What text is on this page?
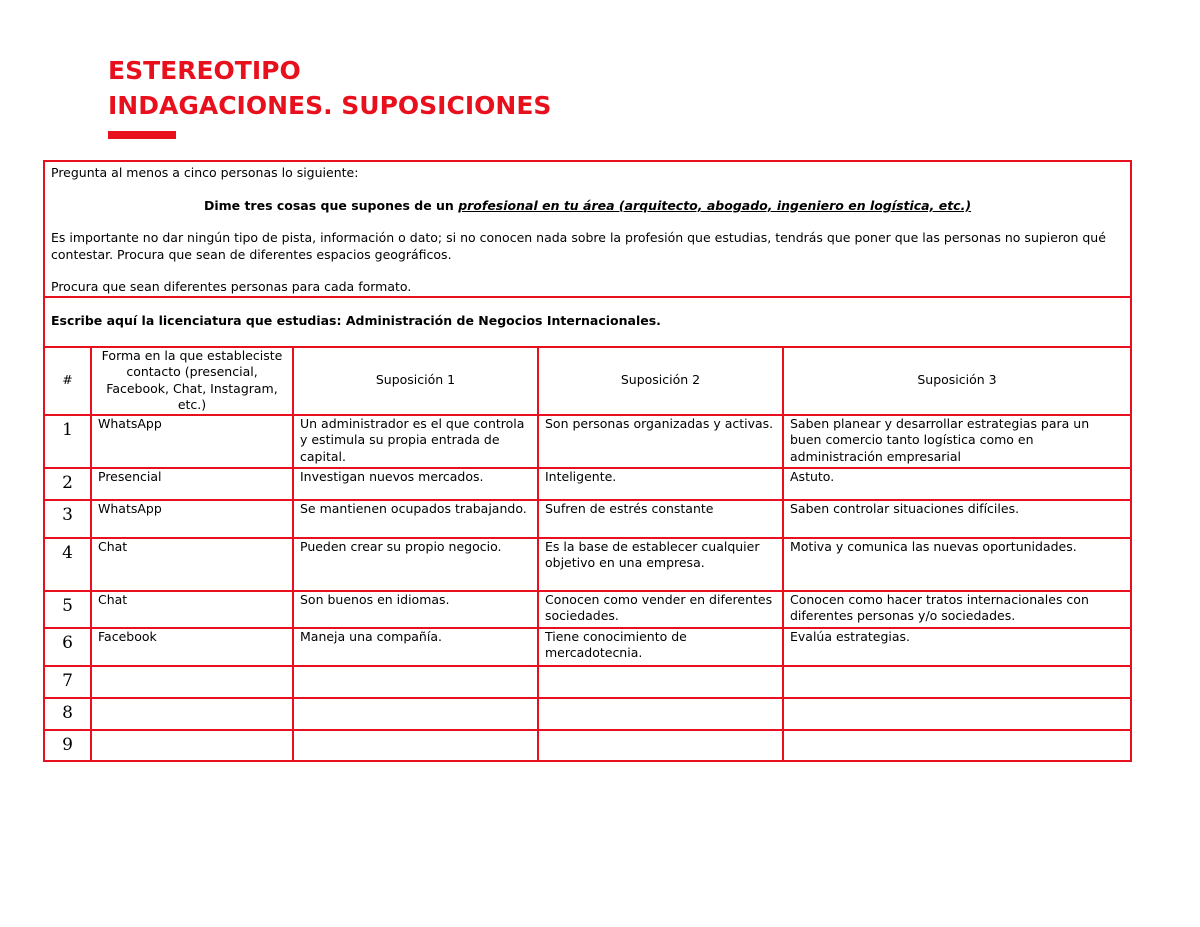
ESTEREOTIPO
INDAGACIONES. SUPOSICIONES

Pregunta al menos a cinco personas lo siguiente:

Dime tres cosas que supones de un profesional en tu área (arquitecto, abogado, ingeniero en logística, etc.)

Es importante no dar ningún tipo de pista, información o dato; si no conocen nada sobre la profesión que estudias, tendrás que poner que las personas no supieron qué contestar. Procura que sean de diferentes espacios geográficos.

Procura que sean diferentes personas para cada formato.				

Escribe aquí la licenciatura que estudias: Administración de Negocios Internacionales.				
#	Forma en la que estableciste contacto (presencial, Facebook, Chat, Instagram, etc.)	Suposición 1	Suposición 2	Suposición 3
1	WhatsApp	Un administrador es el que controla y estimula su propia entrada de capital.	Son personas organizadas y activas.	Saben planear y desarrollar estrategias para un buen comercio tanto logística como en administración empresarial
2	Presencial	Investigan nuevos mercados.	Inteligente.	Astuto.
3	WhatsApp	Se mantienen ocupados trabajando.	Sufren de estrés constante	Saben controlar situaciones difíciles.
4	Chat	Pueden crear su propio negocio.	Es la base de establecer cualquier objetivo en una empresa.	Motiva y comunica las nuevas oportunidades.
5	Chat	Son buenos en idiomas.	Conocen como vender en diferentes sociedades.	Conocen como hacer tratos internacionales con diferentes personas y/o sociedades.
6	Facebook	Maneja una compañía.	Tiene conocimiento de mercadotecnia.	Evalúa estrategias.
7				
8				
9				
